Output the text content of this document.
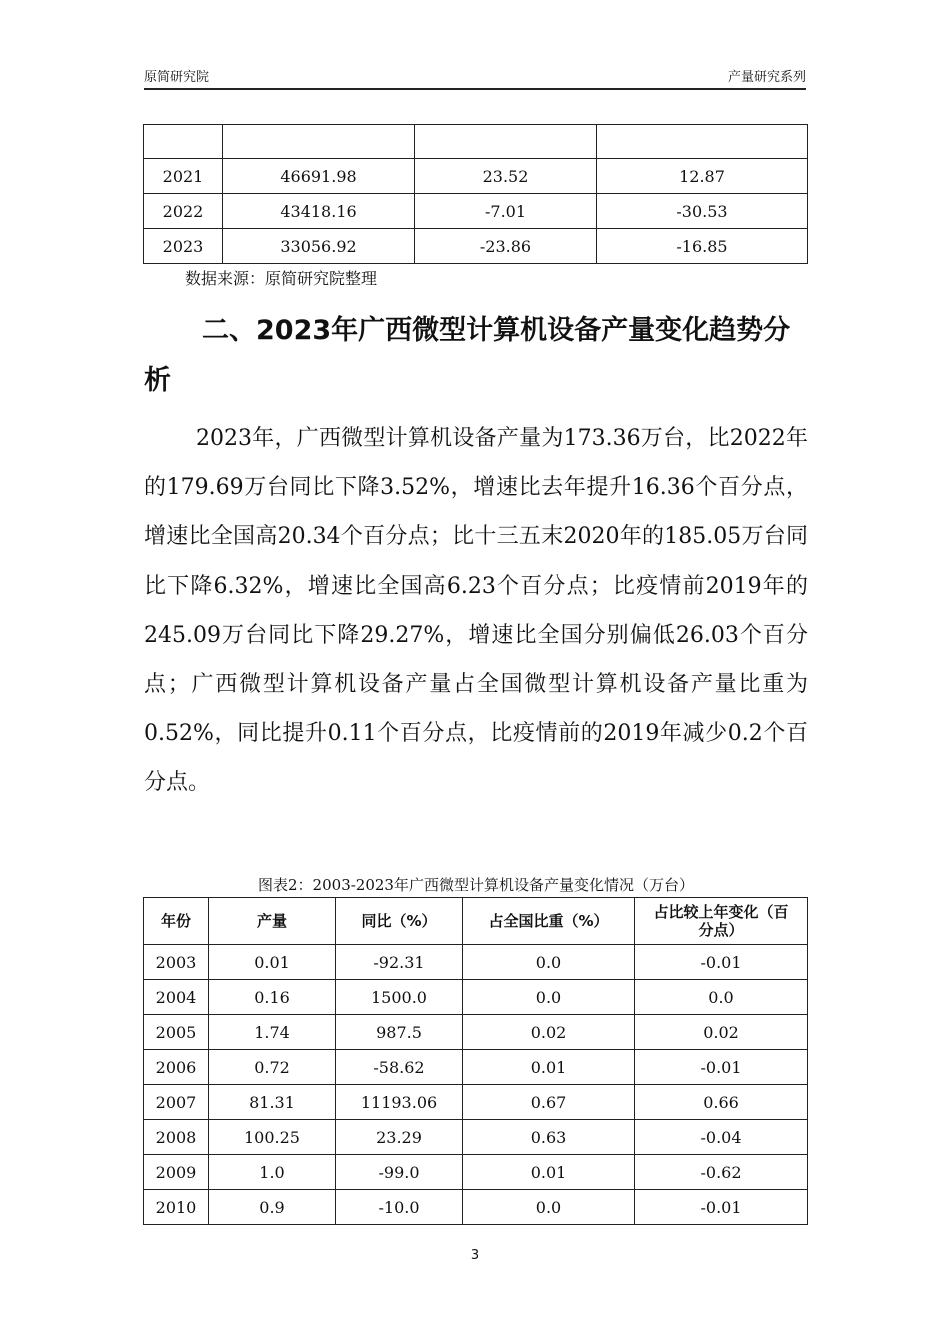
原简研究院	产量研究系列

2021	46691.98	23.52	12.87
2022	43418.16	-7.01	-30.53
2023	33056.92	-23.86	-16.85
数据来源：原简研究院整理
二、2023年广西微型计算机设备产量变化趋势分析
2023年，广西微型计算机设备产量为173.36万台，比2022年的179.69万台同比下降3.52%，增速比去年提升16.36个百分点，增速比全国高20.34个百分点；比十三五末2020年的185.05万台同比下降6.32%，增速比全国高6.23个百分点；比疫情前2019年的245.09万台同比下降29.27%，增速比全国分别偏低26.03个百分点；广西微型计算机设备产量占全国微型计算机设备产量比重为0.52%，同比提升0.11个百分点，比疫情前的2019年减少0.2个百分点。
图表2：2003-2023年广西微型计算机设备产量变化情况（万台）
年份	产量	同比（%）	占全国比重（%）	占比较上年变化（百分点）
2003	0.01	-92.31	0.0	-0.01
2004	0.16	1500.0	0.0	0.0
2005	1.74	987.5	0.02	0.02
2006	0.72	-58.62	0.01	-0.01
2007	81.31	11193.06	0.67	0.66
2008	100.25	23.29	0.63	-0.04
2009	1.0	-99.0	0.01	-0.62
2010	0.9	-10.0	0.0	-0.01
3
